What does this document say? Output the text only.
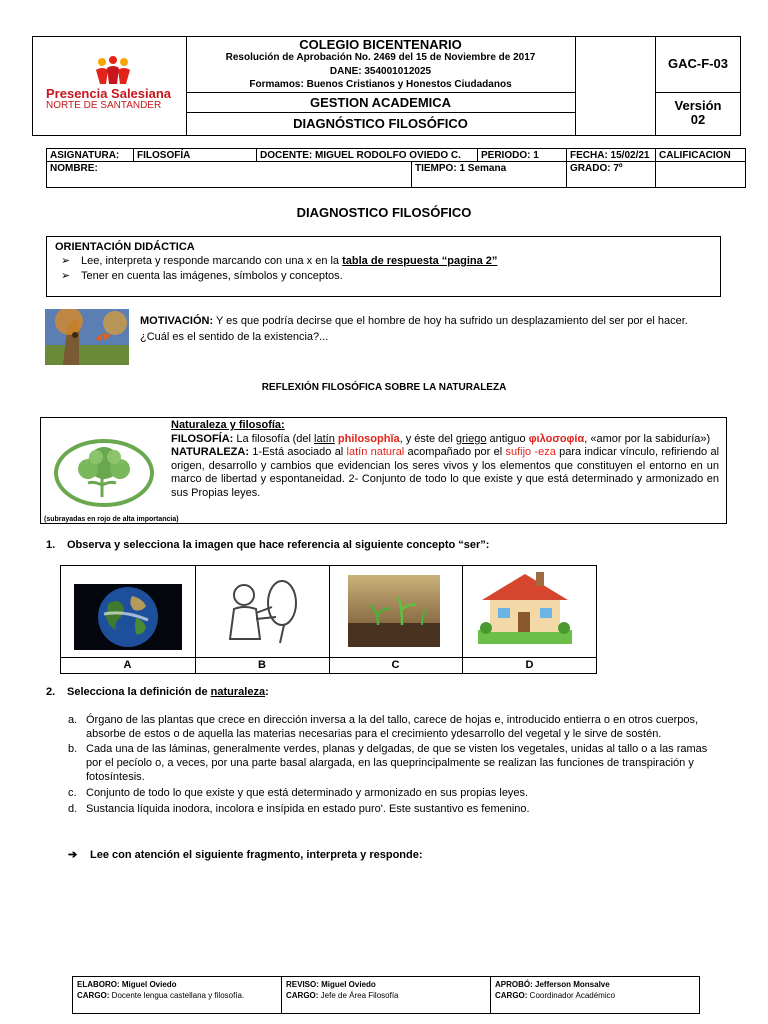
Presencia Salesiana
NORTE DE SANTANDER
COLEGIO BICENTENARIO
Resolución de Aprobación No. 2469 del 15 de Noviembre de 2017
DANE: 354001012025
Formamos: Buenos Cristianos y Honestos Ciudadanos
GESTION ACADEMICA
DIAGNÓSTICO FILOSÓFICO
GAC-F-03
Versión
02
ASIGNATURA:	FILOSOFÍA	DOCENTE: MIGUEL RODOLFO OVIEDO C.	PERIODO: 1	FECHA: 15/02/21 CALIFICACION
NOMBRE:	TIEMPO: 1 Semana	GRADO: 7º
DIAGNOSTICO FILOSÓFICO
ORIENTACIÓN DIDÁCTICA
➢ Lee, interpreta y responde marcando con una x en la tabla de respuesta “pagina 2”
➢ Tener en cuenta las imágenes, símbolos y conceptos.
MOTIVACIÓN: Y es que podría decirse que el hombre de hoy ha sufrido un desplazamiento del ser por el hacer. ¿Cuál es el sentido de la existencia?...
REFLEXIÓN FILOSÓFICA SOBRE LA NATURALEZA
Naturaleza y filosofía:
FILOSOFÍA: La filosofía (del latín philosophĭa, y éste del griego antiguo φιλοσοφία, «amor por la sabiduría»)
NATURALEZA: 1-Está asociado al latín natural acompañado por el sufijo -eza para indicar vínculo, refiriendo al origen, desarrollo y cambios que evidencian los seres vivos y los elementos que constituyen el entorno en un marco de libertad y espontaneidad. 2- Conjunto de todo lo que existe y que está determinado y armonizado en sus Propias leyes.
(subrayadas en rojo de alta importancia)
1. Observa y selecciona la imagen que hace referencia al siguiente concepto “ser”:
A	B	C	D
2. Selecciona la definición de naturaleza:
a. Órgano de las plantas que crece en dirección inversa a la del tallo, carece de hojas e, introducido entierra o en otros cuerpos, absorbe de estos o de aquella las materias necesarias para el crecimiento ydesarrollo del vegetal y le sirve de sostén.
b. Cada una de las láminas, generalmente verdes, planas y delgadas, de que se visten los vegetales, unidas al tallo o a las ramas por el pecíolo o, a veces, por una parte basal alargada, en las queprincipalmente se realizan las funciones de transpiración y fotosíntesis.
c. Conjunto de todo lo que existe y que está determinado y armonizado en sus propias leyes.
d. Sustancia líquida inodora, incolora e insípida en estado puro'. Este sustantivo es femenino.
➔ Lee con atención el siguiente fragmento, interpreta y responde:
ELABORO: Miguel Oviedo
CARGO: Docente lengua castellana y filosofía.
REVISO: Miguel Oviedo
CARGO: Jefe de Área Filosofía
APROBÓ: Jefferson Monsalve
CARGO: Coordinador Académico
